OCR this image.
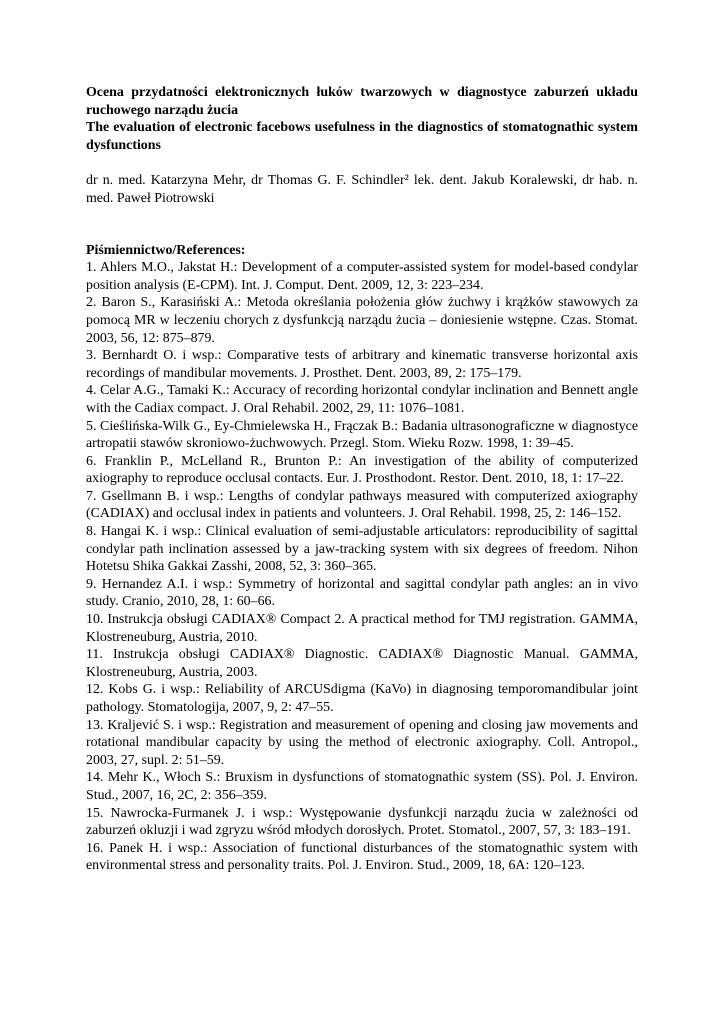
Ocena przydatności elektronicznych łuków twarzowych w diagnostyce zaburzeń układu ruchowego narządu żucia

The evaluation of electronic facebows usefulness in the diagnostics of stomatognathic system dysfunctions

dr n. med. Katarzyna Mehr, dr Thomas G. F. Schindler² lek. dent. Jakub Koralewski, dr hab. n. med. Paweł Piotrowski

Piśmiennictwo/References:

1. Ahlers M.O., Jakstat H.: Development of a computer-assisted system for model-based condylar position analysis (E-CPM). Int. J. Comput. Dent. 2009, 12, 3: 223–234.
2. Baron S., Karasiński A.: Metoda określania położenia głów żuchwy i krążków stawowych za pomocą MR w leczeniu chorych z dysfunkcją narządu żucia – doniesienie wstępne. Czas. Stomat. 2003, 56, 12: 875–879.
3. Bernhardt O. i wsp.: Comparative tests of arbitrary and kinematic transverse horizontal axis recordings of mandibular movements. J. Prosthet. Dent. 2003, 89, 2: 175–179.
4. Celar A.G., Tamaki K.: Accuracy of recording horizontal condylar inclination and Bennett angle with the Cadiax compact. J. Oral Rehabil. 2002, 29, 11: 1076–1081.
5. Cieślińska-Wilk G., Ey-Chmielewska H., Frączak B.: Badania ultrasonograficzne w diagnostyce artropatii stawów skroniowo-żuchwowych. Przegl. Stom. Wieku Rozw. 1998, 1: 39–45.
6. Franklin P., McLelland R., Brunton P.: An investigation of the ability of computerized axiography to reproduce occlusal contacts. Eur. J. Prosthodont. Restor. Dent. 2010, 18, 1: 17–22.
7. Gsellmann B. i wsp.: Lengths of condylar pathways measured with computerized axiography (CADIAX) and occlusal index in patients and volunteers. J. Oral Rehabil. 1998, 25, 2: 146–152.
8. Hangai K. i wsp.: Clinical evaluation of semi-adjustable articulators: reproducibility of sagittal condylar path inclination assessed by a jaw-tracking system with six degrees of freedom. Nihon Hotetsu Shika Gakkai Zasshi, 2008, 52, 3: 360–365.
9. Hernandez A.I. i wsp.: Symmetry of horizontal and sagittal condylar path angles: an in vivo study. Cranio, 2010, 28, 1: 60–66.
10. Instrukcja obsługi CADIAX® Compact 2. A practical method for TMJ registration. GAMMA, Klostreneuburg, Austria, 2010.
11. Instrukcja obsługi CADIAX® Diagnostic. CADIAX® Diagnostic Manual. GAMMA, Klostreneuburg, Austria, 2003.
12. Kobs G. i wsp.: Reliability of ARCUSdigma (KaVo) in diagnosing temporomandibular joint pathology. Stomatologija, 2007, 9, 2: 47–55.
13. Kraljević S. i wsp.: Registration and measurement of opening and closing jaw movements and rotational mandibular capacity by using the method of electronic axiography. Coll. Antropol., 2003, 27, supl. 2: 51–59.
14. Mehr K., Włoch S.: Bruxism in dysfunctions of stomatognathic system (SS). Pol. J. Environ. Stud., 2007, 16, 2C, 2: 356–359.
15. Nawrocka-Furmanek J. i wsp.: Występowanie dysfunkcji narządu żucia w zależności od zaburzeń okluzji i wad zgryzu wśród młodych dorosłych. Protet. Stomatol., 2007, 57, 3: 183–191.
16. Panek H. i wsp.: Association of functional disturbances of the stomatognathic system with environmental stress and personality traits. Pol. J. Environ. Stud., 2009, 18, 6A: 120–123.
